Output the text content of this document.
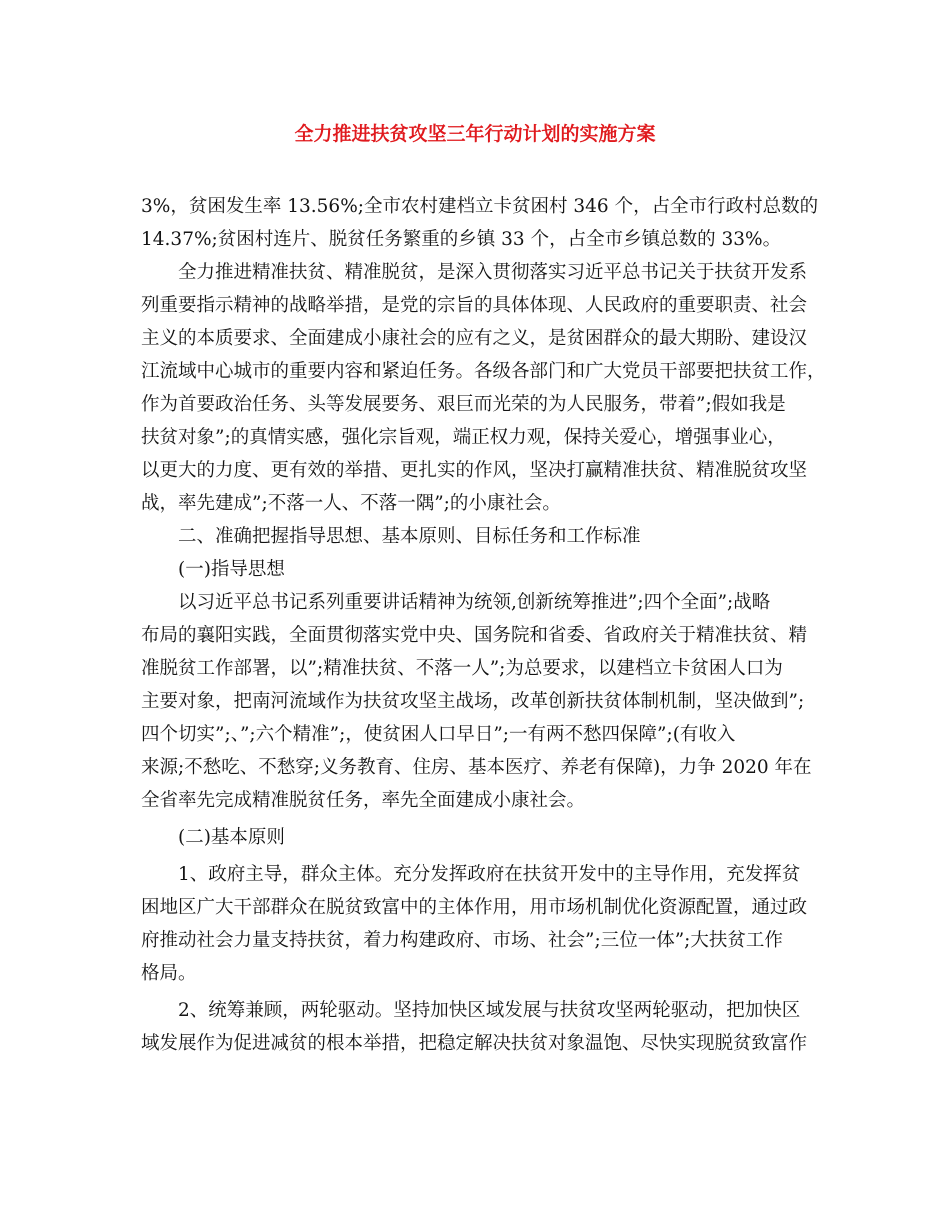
全力推进扶贫攻坚三年行动计划的实施方案
3%，贫困发生率 13.56%;全市农村建档立卡贫困村 346 个，占全市行政村总数的
14.37%;贫困村连片、脱贫任务繁重的乡镇 33 个，占全市乡镇总数的 33%。
全力推进精准扶贫、精准脱贫，是深入贯彻落实习近平总书记关于扶贫开发系
列重要指示精神的战略举措，是党的宗旨的具体体现、人民政府的重要职责、社会
主义的本质要求、全面建成小康社会的应有之义，是贫困群众的最大期盼、建设汉
江流域中心城市的重要内容和紧迫任务。各级各部门和广大党员干部要把扶贫工作，
作为首要政治任务、头等发展要务、艰巨而光荣的为人民服务，带着”;假如我是
扶贫对象”;的真情实感，强化宗旨观，端正权力观，保持关爱心，增强事业心，
以更大的力度、更有效的举措、更扎实的作风，坚决打赢精准扶贫、精准脱贫攻坚
战，率先建成”;不落一人、不落一隅”;的小康社会。
二、准确把握指导思想、基本原则、目标任务和工作标准
(一)指导思想
以习近平总书记系列重要讲话精神为统领,创新统筹推进”;四个全面”;战略
布局的襄阳实践，全面贯彻落实党中央、国务院和省委、省政府关于精准扶贫、精
准脱贫工作部署，以”;精准扶贫、不落一人”;为总要求，以建档立卡贫困人口为
主要对象，把南河流域作为扶贫攻坚主战场，改革创新扶贫体制机制，坚决做到”;
四个切实”;、”;六个精准”;，使贫困人口早日”;一有两不愁四保障”;(有收入
来源;不愁吃、不愁穿;义务教育、住房、基本医疗、养老有保障)，力争 2020 年在
全省率先完成精准脱贫任务，率先全面建成小康社会。
(二)基本原则
1、政府主导，群众主体。充分发挥政府在扶贫开发中的主导作用，充发挥贫
困地区广大干部群众在脱贫致富中的主体作用，用市场机制优化资源配置，通过政
府推动社会力量支持扶贫，着力构建政府、市场、社会”;三位一体”;大扶贫工作
格局。
2、统筹兼顾，两轮驱动。坚持加快区域发展与扶贫攻坚两轮驱动，把加快区
域发展作为促进减贫的根本举措，把稳定解决扶贫对象温饱、尽快实现脱贫致富作
